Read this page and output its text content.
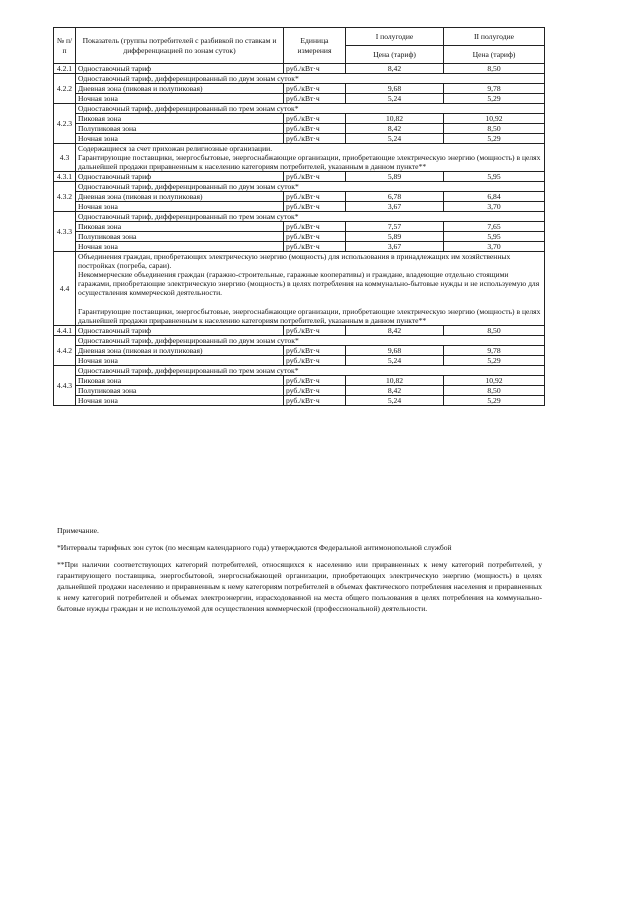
№ п/п	Показатель (группы потребителей с разбивкой по ставкам и дифференциацией по зонам суток)	Единица измерения	I полугодие	II полугодие
			Цена (тариф)	Цена (тариф)
4.2.1	Одноставочный тариф	руб./кВт·ч	8,42	8,50
4.2.2	Одноставочный тариф, дифференцированный по двум зонам суток*			
	Дневная зона (пиковая и полупиковая)	руб./кВт·ч	9,68	9,78
	Ночная зона	руб./кВт·ч	5,24	5,29
4.2.3	Одноставочный тариф, дифференцированный по трем зонам суток*			
	Пиковая зона	руб./кВт·ч	10,82	10,92
	Полупиковая зона	руб./кВт·ч	8,42	8,50
	Ночная зона	руб./кВт·ч	5,24	5,29
4.3	Содержащиеся за счет прихожан религиозные организации.
Гарантирующие поставщики, энергосбытовые, энергоснабжающие организации, приобретающие электрическую энергию (мощность) в целях дальнейшей продажи приравненным к населению категориям потребителей, указанным в данном пункте**			

4.3.1	Одноставочный тариф	руб./кВт·ч	5,89	5,95
4.3.2	Одноставочный тариф, дифференцированный по двум зонам суток*			
	Дневная зона (пиковая и полупиковая)	руб./кВт·ч	6,78	6,84
	Ночная зона	руб./кВт·ч	3,67	3,70
4.3.3	Одноставочный тариф, дифференцированный по трем зонам суток*			
	Пиковая зона	руб./кВт·ч	7,57	7,65
	Полупиковая зона	руб./кВт·ч	5,89	5,95
	Ночная зона	руб./кВт·ч	3,67	3,70
4.4	Объединения граждан, приобретающих электрическую энергию (мощность) для использования в принадлежащих им хозяйственных постройках (погреба, сараи).
Некоммерческие объединения граждан (гаражно-строительные, гаражные кооперативы) и граждане, владеющие отдельно стоящими гаражами, приобретающие электрическую энергию (мощность) в целях потребления на коммунально-бытовые нужды и не используемую для осуществления коммерческой деятельности.
Гарантирующие поставщики, энергосбытовые, энергоснабжающие организации, приобретающие электрическую энергию (мощность) в целях дальнейшей продажи приравненным к населению категориям потребителей, указанным в данном пункте**			

4.4.1	Одноставочный тариф	руб./кВт·ч	8,42	8,50
4.4.2	Одноставочный тариф, дифференцированный по двум зонам суток*			
	Дневная зона (пиковая и полупиковая)	руб./кВт·ч	9,68	9,78
	Ночная зона	руб./кВт·ч	5,24	5,29
4.4.3	Одноставочный тариф, дифференцированный по трем зонам суток*			
	Пиковая зона	руб./кВт·ч	10,82	10,92
	Полупиковая зона	руб./кВт·ч	8,42	8,50
	Ночная зона	руб./кВт·ч	5,24	5,29

Примечание.

*Интервалы тарифных зон суток (по месяцам календарного года) утверждаются Федеральной антимонопольной службой

**При наличии соответствующих категорий потребителей, относящихся к населению или приравненных к нему категорий потребителей, у гарантирующего поставщика, энергосбытовой, энергоснабжающей организации, приобретающих электрическую энергию (мощность) в целях дальнейшей продажи населению и приравненным к нему категориям потребителей в объемах фактического потребления населения и приравненных к нему категорий потребителей и объемах электроэнергии, израсходованной на места общего пользования в целях потребления на коммунально-бытовые нужды граждан и не используемой для осуществления коммерческой (профессиональной) деятельности.
